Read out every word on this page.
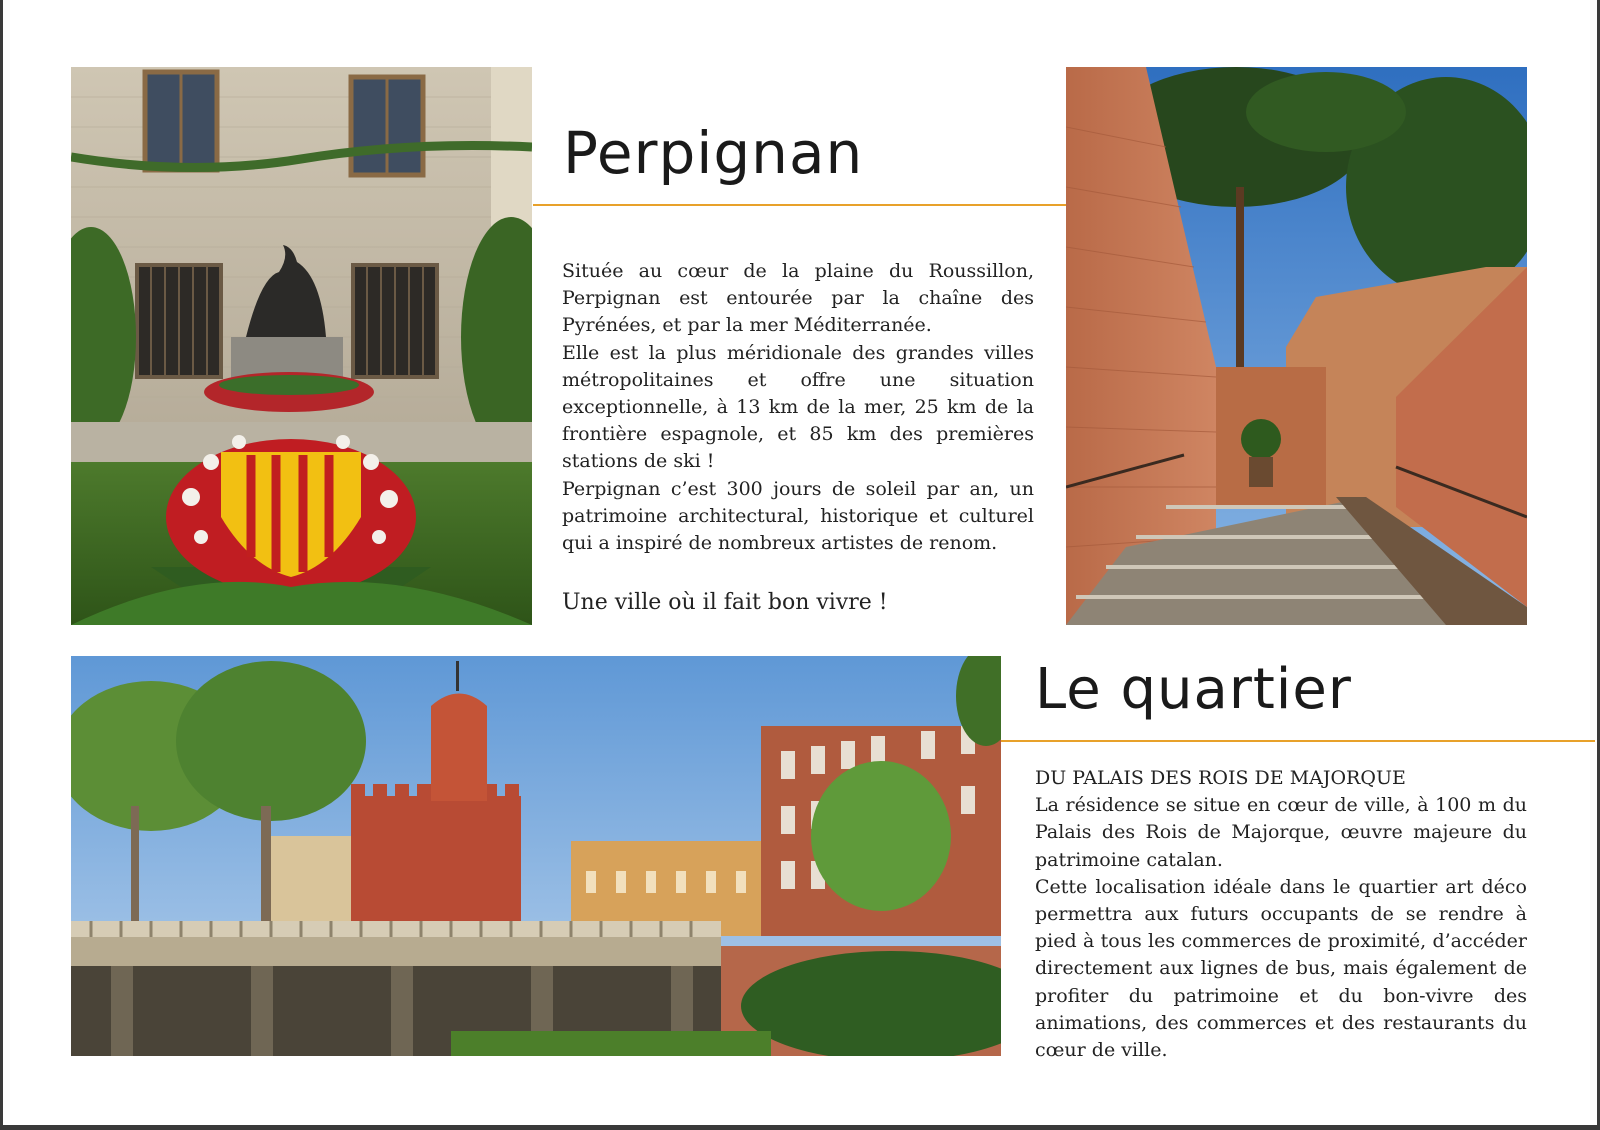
Perpignan

Située au cœur de la plaine du Roussillon, Perpignan est entourée par la chaîne des Pyrénées, et par la mer Méditerranée.

Elle est la plus méridionale des grandes villes métropolitaines et offre une situation exceptionnelle, à 13 km de la mer, 25 km de la frontière espagnole, et 85 km des premières stations de ski !

Perpignan c’est 300 jours de soleil par an, un patrimoine architectural, historique et culturel qui a inspiré de nombreux artistes de renom.

Une ville où il fait bon vivre !

Le quartier

DU PALAIS DES ROIS DE MAJORQUE

La résidence se situe en cœur de ville, à 100 m du Palais des Rois de Majorque, œuvre majeure du patrimoine catalan.

Cette localisation idéale dans le quartier art déco permettra aux futurs occupants de se rendre à pied à tous les commerces de proximité, d’accéder directement aux lignes de bus, mais également de profiter du patrimoine et du bon-vivre des animations, des commerces et des restaurants du cœur de ville.
